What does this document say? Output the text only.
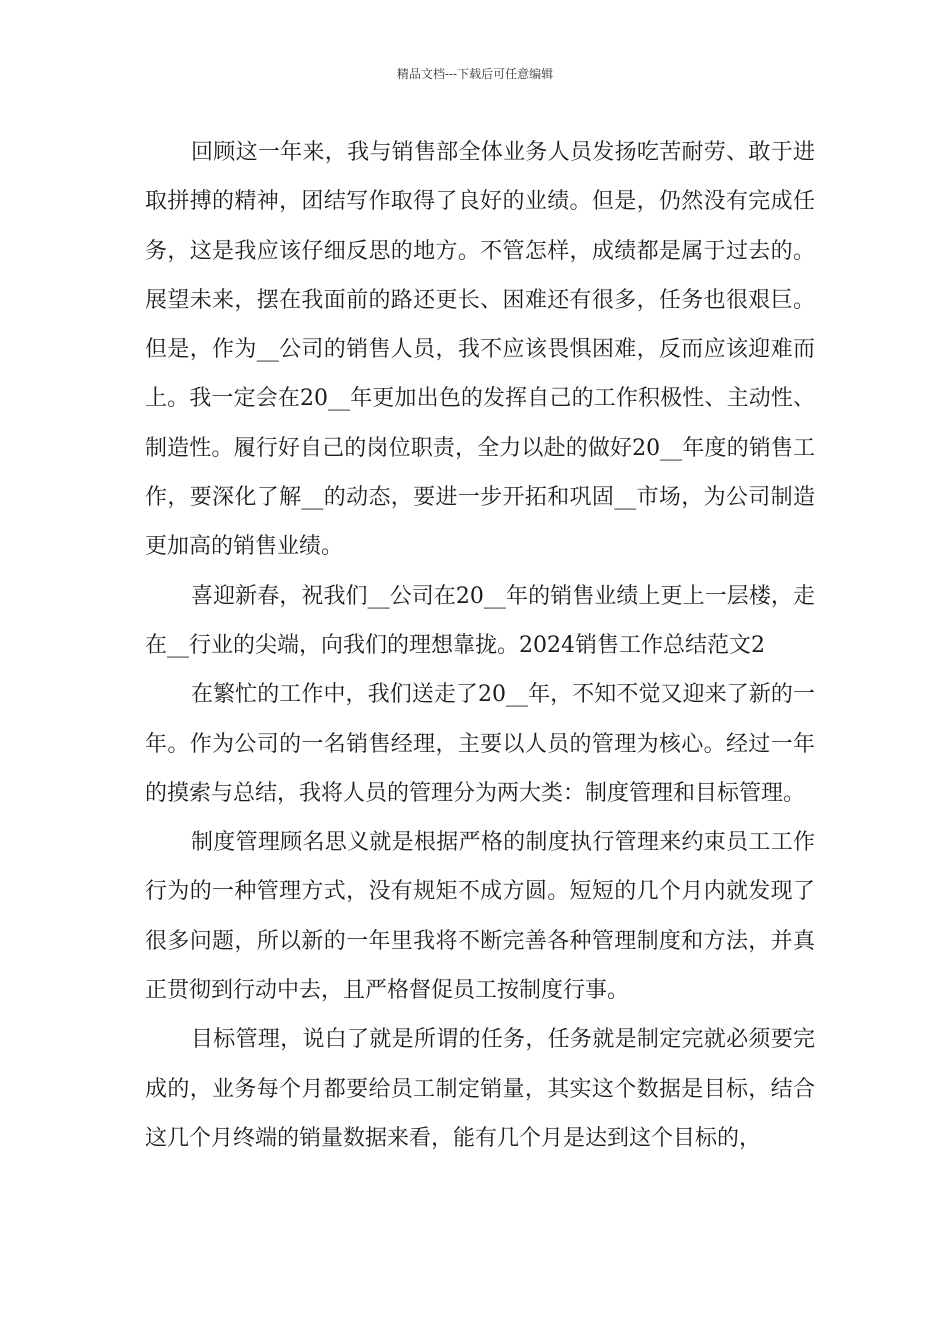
精品文档---下载后可任意编辑

回顾这一年来，我与销售部全体业务人员发扬吃苦耐劳、敢于进取拼搏的精神，团结写作取得了良好的业绩。但是，仍然没有完成任务，这是我应该仔细反思的地方。不管怎样，成绩都是属于过去的。展望未来，摆在我面前的路还更长、困难还有很多，任务也很艰巨。但是，作为__公司的销售人员，我不应该畏惧困难，反而应该迎难而上。我一定会在20__年更加出色的发挥自己的工作积极性、主动性、制造性。履行好自己的岗位职责，全力以赴的做好20__年度的销售工作，要深化了解__的动态，要进一步开拓和巩固__市场，为公司制造更加高的销售业绩。

喜迎新春，祝我们__公司在20__年的销售业绩上更上一层楼，走在__行业的尖端，向我们的理想靠拢。2024销售工作总结范文2

在繁忙的工作中，我们送走了20__年，不知不觉又迎来了新的一年。作为公司的一名销售经理，主要以人员的管理为核心。经过一年的摸索与总结，我将人员的管理分为两大类：制度管理和目标管理。

制度管理顾名思义就是根据严格的制度执行管理来约束员工工作行为的一种管理方式，没有规矩不成方圆。短短的几个月内就发现了很多问题，所以新的一年里我将不断完善各种管理制度和方法，并真正贯彻到行动中去，且严格督促员工按制度行事。

目标管理，说白了就是所谓的任务，任务就是制定完就必须要完成的，业务每个月都要给员工制定销量，其实这个数据是目标，结合这几个月终端的销量数据来看，能有几个月是达到这个目标的，
